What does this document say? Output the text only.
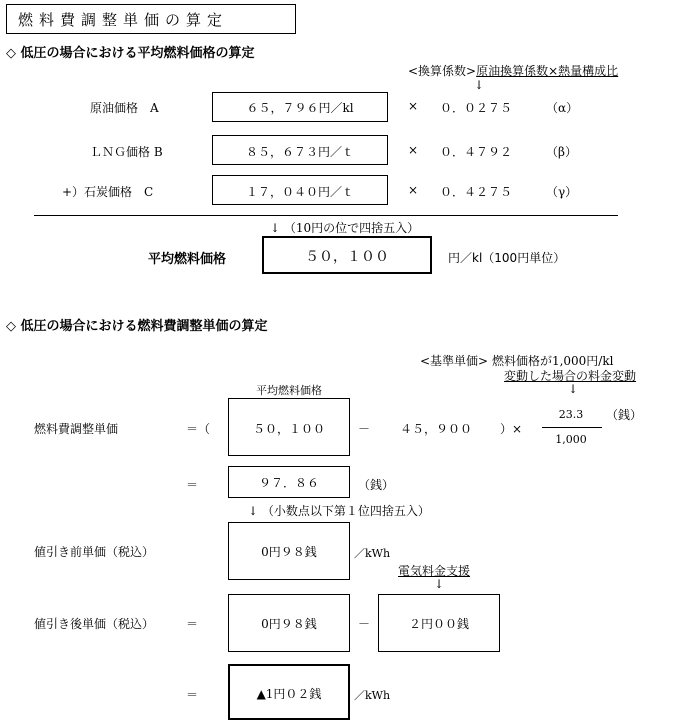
燃料費調整単価の算定
◇ 低圧の場合における平均燃料価格の算定
<換算係数>原油換算係数×熱量構成比
↓
原油価格　A	６５，７９６円／kl	× ０．０２７５	（α）
ＬＮＧ価格 B	８５，６７３円／ｔ	× ０．４７９２	（β）
+）石炭価格　C	１７，０４０円／ｔ	× ０．４２７５	（γ）
↓ （10円の位で四捨五入）
平均燃料価格	５０，１００	円／kl（100円単位）
◇ 低圧の場合における燃料費調整単価の算定
<基準単価> 燃料価格が1,000円/kl
変動した場合の料金変動
↓
平均燃料価格
燃料費調整単価	＝（	５０，１００	－ ４５，９００ ）×
23.3
1,000
（銭）
＝	９７．８６	（銭）
↓ （小数点以下第１位四捨五入）
値引き前単価（税込）	0円９８銭	／kWh
電気料金支援
↓
値引き後単価（税込）	＝	0円９８銭	－	２円００銭
＝	▲1円０２銭	／kWh
